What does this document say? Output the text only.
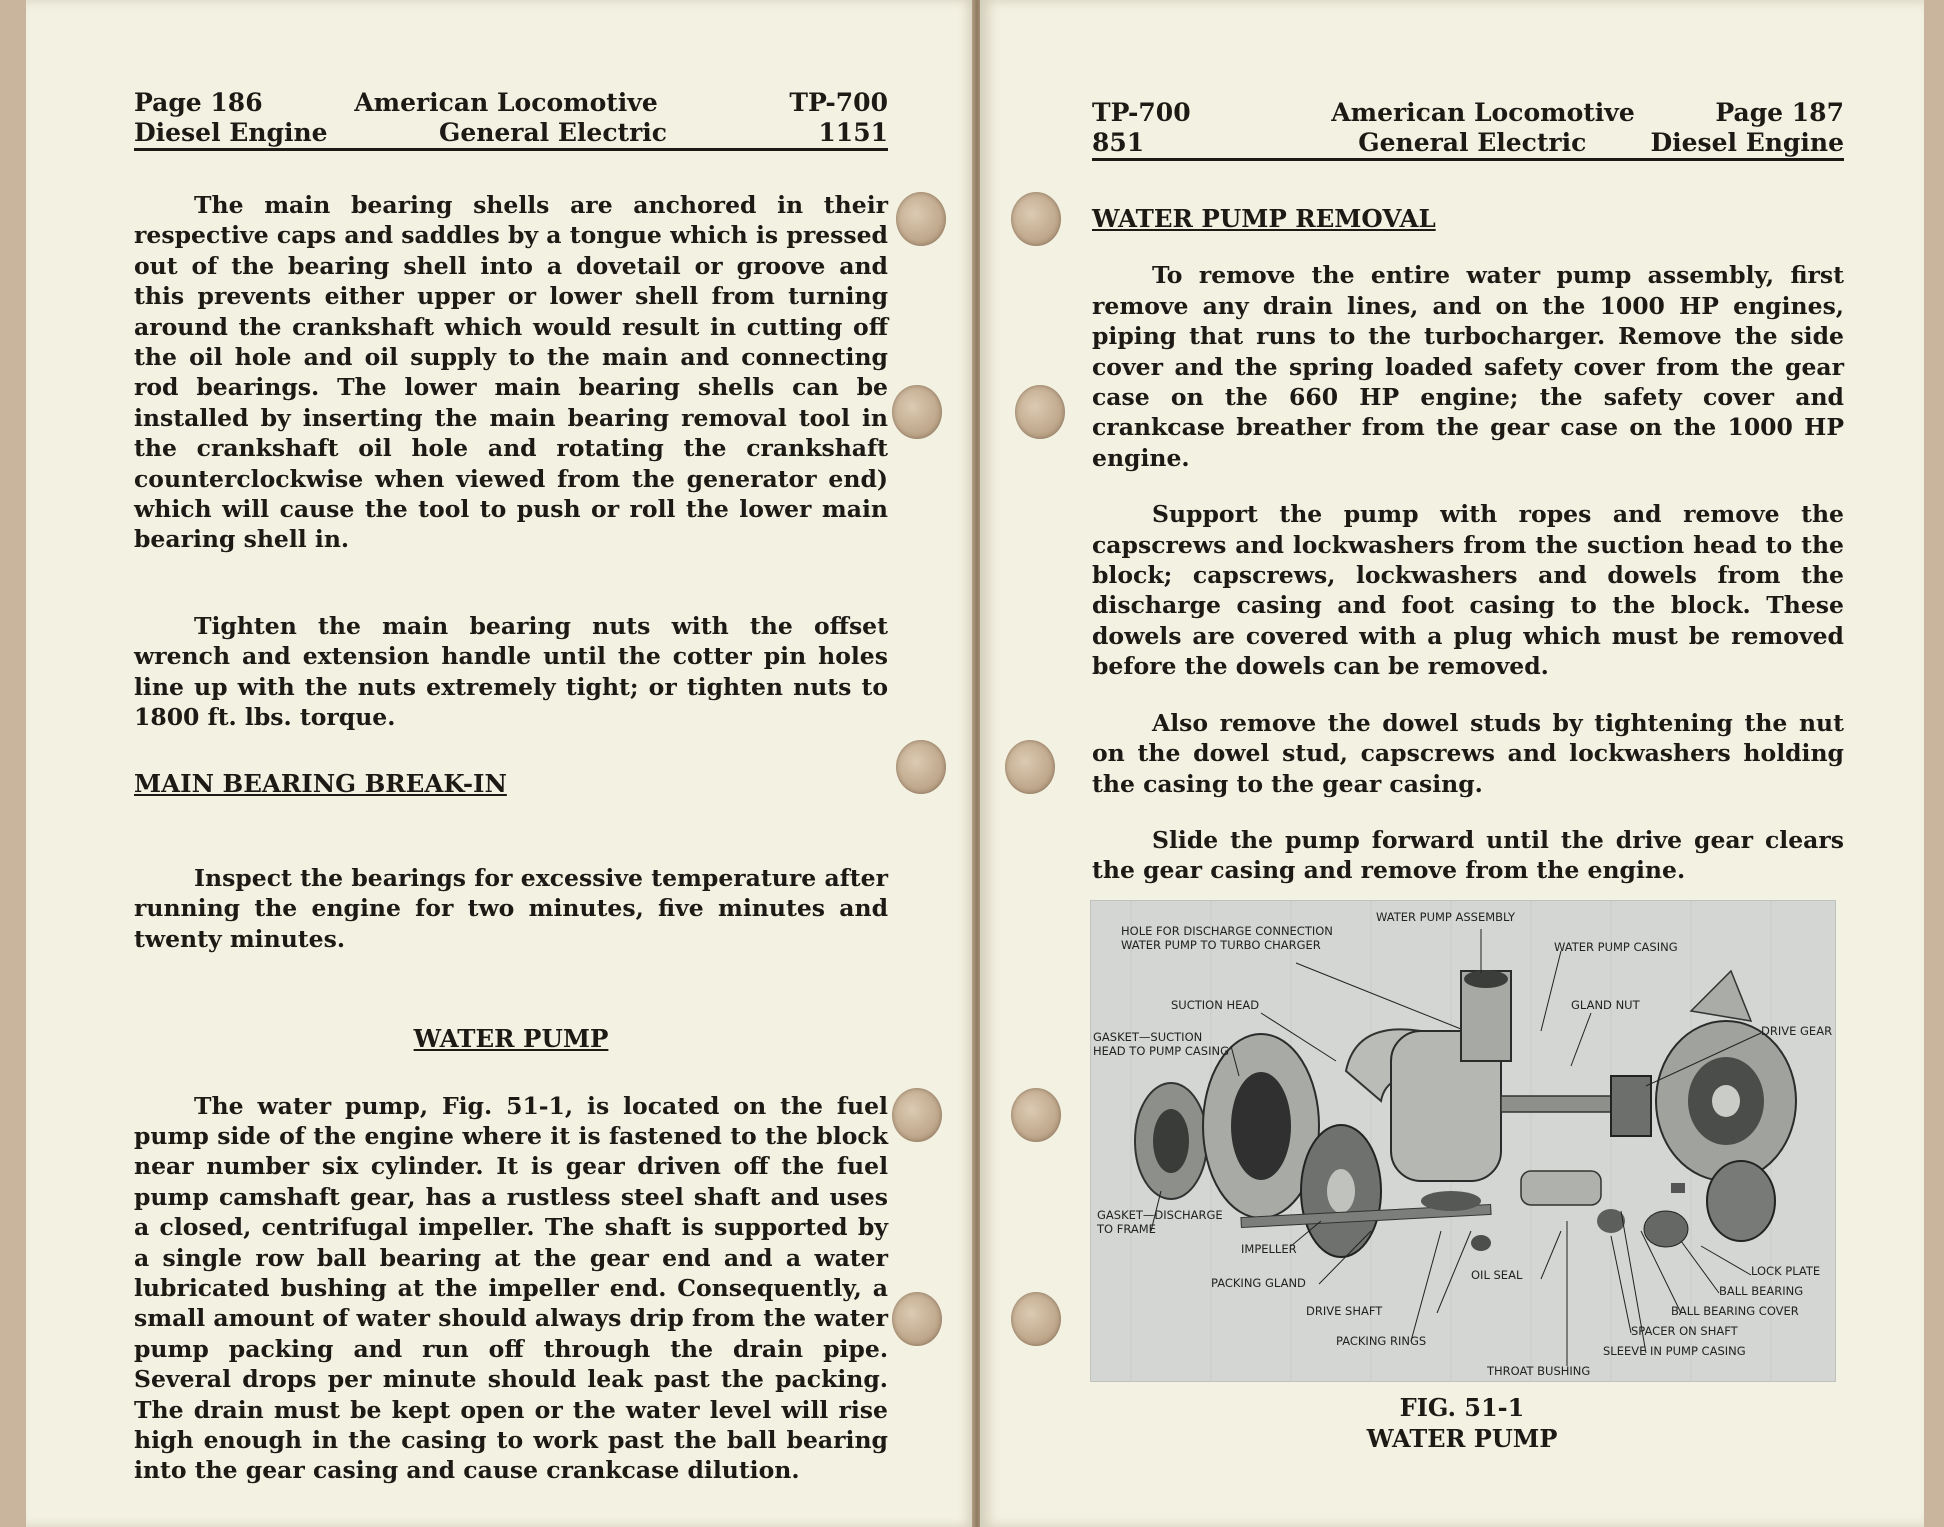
Page 186	American Locomotive	TP-700
Diesel Engine	General Electric	1151

The main bearing shells are anchored in their respective caps and saddles by a tongue which is pressed out of the bearing shell into a dovetail or groove and this prevents either upper or lower shell from turning around the crankshaft which would result in cutting off the oil hole and oil supply to the main and connecting rod bearings. The lower main bearing shells can be installed by inserting the main bearing removal tool in the crankshaft oil hole and rotating the crankshaft counterclockwise when viewed from the generator end) which will cause the tool to push or roll the lower main bearing shell in.

Tighten the main bearing nuts with the offset wrench and extension handle until the cotter pin holes line up with the nuts extremely tight; or tighten nuts to 1800 ft. lbs. torque.

MAIN BEARING BREAK-IN

Inspect the bearings for excessive temperature after running the engine for two minutes, five minutes and twenty minutes.

WATER PUMP

The water pump, Fig. 51-1, is located on the fuel pump side of the engine where it is fastened to the block near number six cylinder. It is gear driven off the fuel pump camshaft gear, has a rustless steel shaft and uses a closed, centrifugal impeller. The shaft is supported by a single row ball bearing at the gear end and a water lubricated bushing at the impeller end. Consequently, a small amount of water should always drip from the water pump packing and run off through the drain pipe. Several drops per minute should leak past the packing. The drain must be kept open or the water level will rise high enough in the casing to work past the ball bearing into the gear casing and cause crankcase dilution.

TP-700	American Locomotive	Page 187
851	General Electric	Diesel Engine

WATER PUMP REMOVAL

To remove the entire water pump assembly, first remove any drain lines, and on the 1000 HP engines, piping that runs to the turbocharger. Remove the side cover and the spring loaded safety cover from the gear case on the 660 HP engine; the safety cover and crankcase breather from the gear case on the 1000 HP engine.

Support the pump with ropes and remove the capscrews and lockwashers from the suction head to the block; capscrews, lockwashers and dowels from the discharge casing and foot casing to the block. These dowels are covered with a plug which must be removed before the dowels can be removed.

Also remove the dowel studs by tightening the nut on the dowel stud, capscrews and lockwashers holding the casing to the gear casing.

Slide the pump forward until the drive gear clears the gear casing and remove from the engine.

HOLE FOR DISCHARGE CONNECTION
WATER PUMP TO TURBO CHARGER
WATER PUMP ASSEMBLY
WATER PUMP CASING
SUCTION HEAD	GLAND NUT
DRIVE GEAR
GASKET—SUCTION
HEAD TO PUMP CASING
GASKET—DISCHARGE
TO FRAME
IMPELLER
PACKING GLAND
OIL SEAL	LOCK PLATE
BALL BEARING
BALL BEARING COVER
DRIVE SHAFT
SPACER ON SHAFT
PACKING RINGS
SLEEVE IN PUMP CASING
THROAT BUSHING
FIG. 51-1
WATER PUMP
